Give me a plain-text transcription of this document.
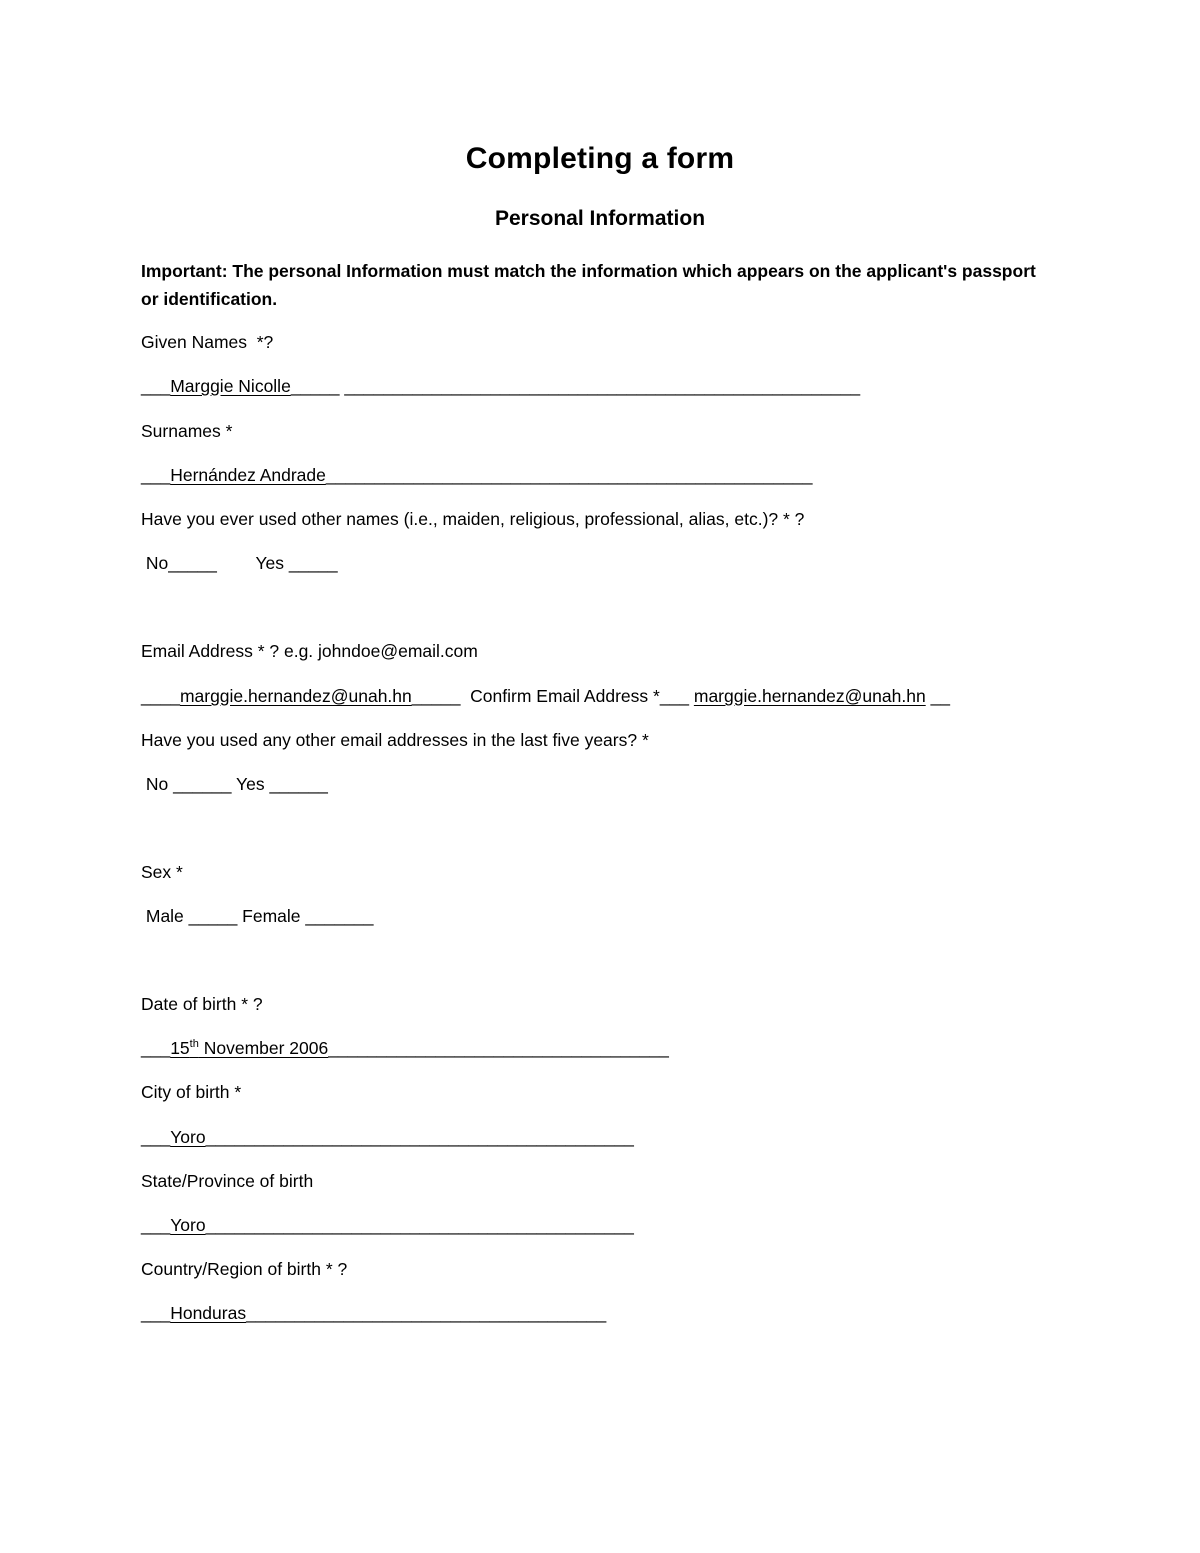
Completing a form
Personal Information
Important: The personal Information must match the information which appears on the applicant's passport or identification.
Given Names  *?
___Marggie Nicolle_____ _____________________________________________________
Surnames *
___Hernández Andrade__________________________________________________
Have you ever used other names (i.e., maiden, religious, professional, alias, etc.)? * ?
No_____        Yes _____
Email Address * ? e.g. johndoe@email.com
____marggie.hernandez@unah.hn_____  Confirm Email Address *___ marggie.hernandez@unah.hn __
Have you used any other email addresses in the last five years? *
No ______ Yes ______
Sex *
Male _____ Female _______
Date of birth * ?
___15th November 2006___________________________________
City of birth *
___Yoro____________________________________________
State/Province of birth
___Yoro____________________________________________
Country/Region of birth * ?
___Honduras_____________________________________
